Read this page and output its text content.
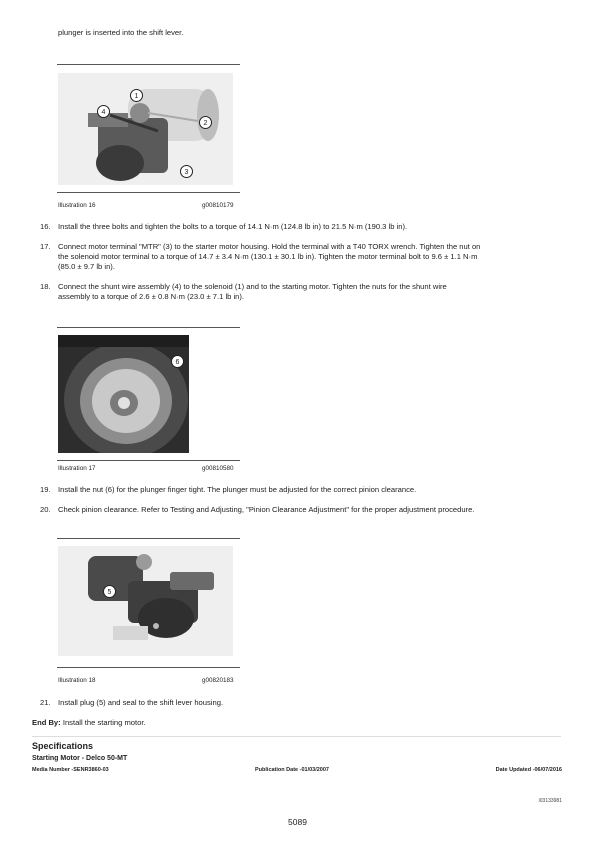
plunger is inserted into the shift lever.
1
2
3
4
Illustration 16	g00810179
16. Install the three bolts and tighten the bolts to a torque of 14.1 N·m (124.8 lb in) to 21.5 N·m (190.3 lb in).
17. Connect motor terminal "MTR" (3) to the starter motor housing. Hold the terminal with a T40 TORX wrench. Tighten the nut on
the solenoid motor terminal to a torque of 14.7 ± 3.4 N·m (130.1 ± 30.1 lb in). Tighten the motor terminal bolt to 9.6 ± 1.1 N·m
(85.0 ± 9.7 lb in).
18. Connect the shunt wire assembly (4) to the solenoid (1) and to the starting motor. Tighten the nuts for the shunt wire
assembly to a torque of 2.6 ± 0.8 N·m (23.0 ± 7.1 lb in).
6
Illustration 17	g00810580
19. Install the nut (6) for the plunger finger tight. The plunger must be adjusted for the correct pinion clearance.
20. Check pinion clearance. Refer to Testing and Adjusting, "Pinion Clearance Adjustment" for the proper adjustment procedure.
5
Illustration 18	g00820183
21. Install plug (5) and seal to the shift lever housing.
End By: Install the starting motor.
Specifications
Starting Motor - Delco 50-MT
Media Number -SENR3860-03	Publication Date -01/03/2007	Date Updated -06/07/2016
i03133981
5089
